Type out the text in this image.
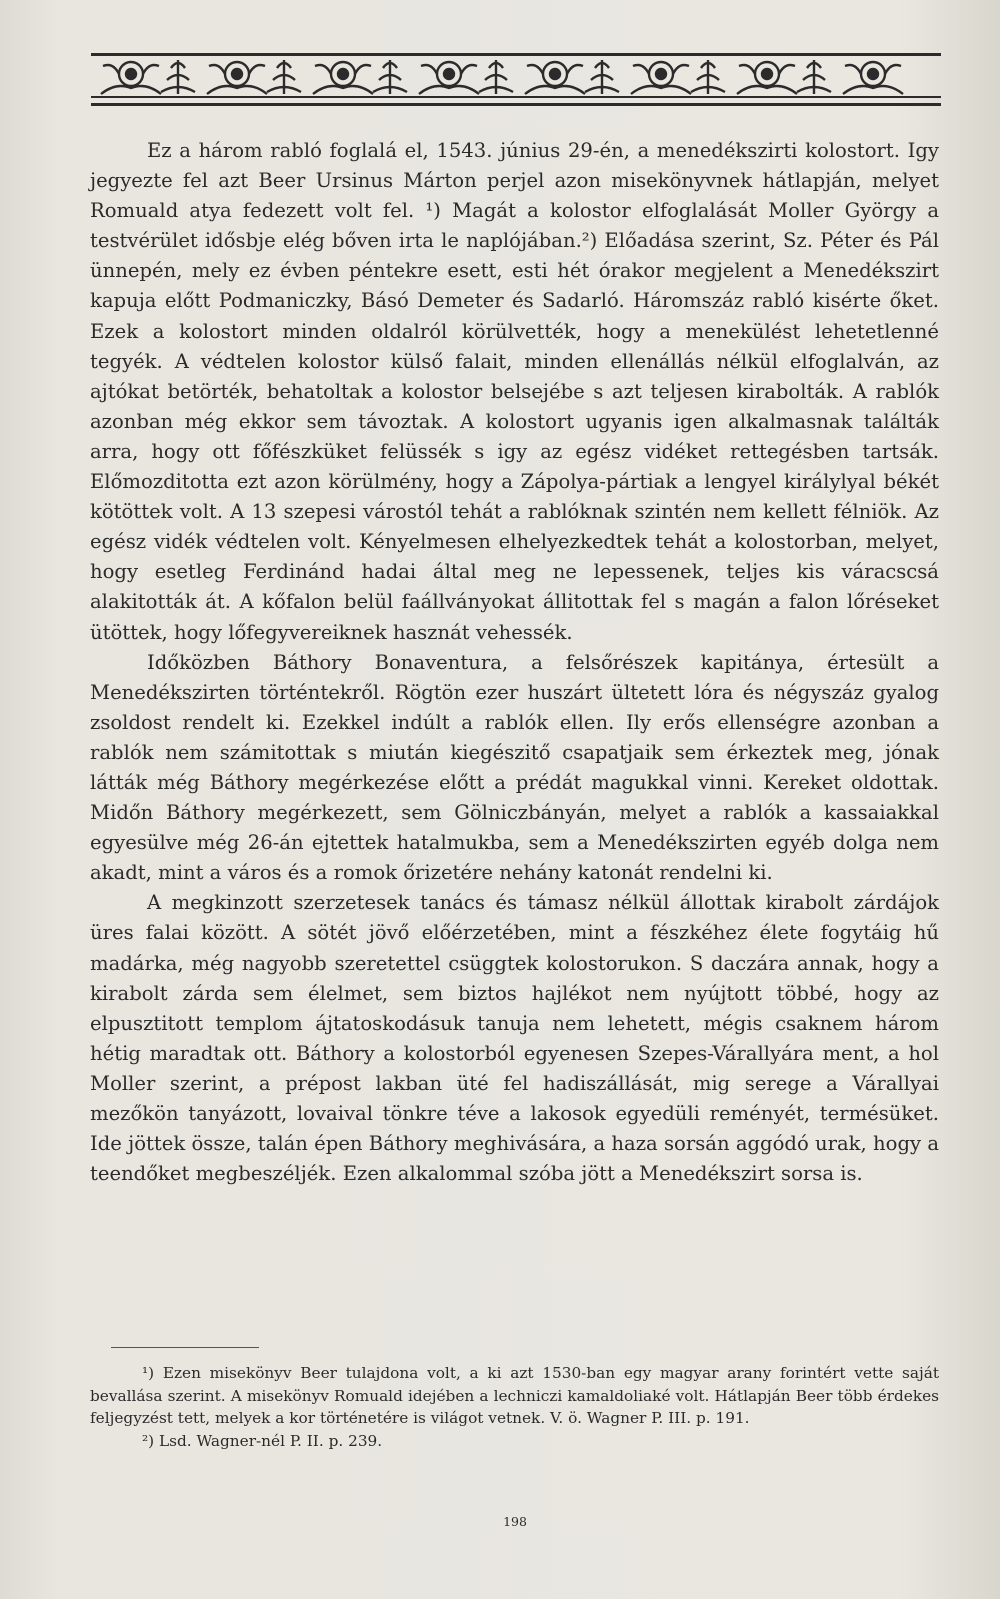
Ez a három rabló foglalá el, 1543. június 29-én, a menedékszirti kolostort. Igy jegyezte fel azt Beer Ursinus Márton perjel azon misekönyvnek hátlapján, melyet Romuald atya fedezett volt fel. ¹) Magát a kolostor elfoglalását Moller György a testvérület idősbje elég bőven irta le naplójában.²) Előadása szerint, Sz. Péter és Pál ünnepén, mely ez évben péntekre esett, esti hét órakor megjelent a Menedékszirt kapuja előtt Podmaniczky, Básó Demeter és Sadarló. Háromszáz rabló kisérte őket. Ezek a kolostort minden oldalról körülvették, hogy a menekülést lehetetlenné tegyék. A védtelen kolostor külső falait, minden ellenállás nélkül elfoglalván, az ajtókat betörték, behatoltak a kolostor belsejébe s azt teljesen kirabolták. A rablók azonban még ekkor sem távoztak. A kolostort ugyanis igen alkalmasnak találták arra, hogy ott főfészküket felüssék s igy az egész vidéket rettegésben tartsák. Előmozditotta ezt azon körülmény, hogy a Zápolya-pártiak a lengyel királylyal békét kötöttek volt. A 13 szepesi várostól tehát a rablóknak szintén nem kellett félniök. Az egész vidék védtelen volt. Kényelmesen elhelyezkedtek tehát a kolostorban, melyet, hogy esetleg Ferdinánd hadai által meg ne lepessenek, teljes kis váracscsá alakitották át. A kőfalon belül faállványokat állitottak fel s magán a falon lőréseket ütöttek, hogy lőfegyvereiknek hasznát vehessék.

Időközben Báthory Bonaventura, a felsőrészek kapitánya, értesült a Menedékszirten történtekről. Rögtön ezer huszárt ültetett lóra és négyszáz gyalog zsoldost rendelt ki. Ezekkel indúlt a rablók ellen. Ily erős ellenségre azonban a rablók nem számitottak s miután kiegészitő csapatjaik sem érkeztek meg, jónak látták még Báthory megérkezése előtt a prédát magukkal vinni. Kereket oldottak. Midőn Báthory megérkezett, sem Gölniczbányán, melyet a rablók a kassaiakkal egyesülve még 26-án ejtettek hatalmukba, sem a Menedékszirten egyéb dolga nem akadt, mint a város és a romok őrizetére nehány katonát rendelni ki.

A megkinzott szerzetesek tanács és támasz nélkül állottak kirabolt zárdájok üres falai között. A sötét jövő előérzetében, mint a fészkéhez élete fogytáig hű madárka, még nagyobb szeretettel csüggtek kolostorukon. S daczára annak, hogy a kirabolt zárda sem élelmet, sem biztos hajlékot nem nyújtott többé, hogy az elpusztitott templom ájtatoskodásuk tanuja nem lehetett, mégis csaknem három hétig maradtak ott. Báthory a kolostorból egyenesen Szepes-Várallyára ment, a hol Moller szerint, a prépost lakban üté fel hadiszállását, mig serege a Várallyai mezőkön tanyázott, lovaival tönkre téve a lakosok egyedüli reményét, termésüket. Ide jöttek össze, talán épen Báthory meghivására, a haza sorsán aggódó urak, hogy a teendőket megbeszéljék. Ezen alkalommal szóba jött a Menedékszirt sorsa is.

¹) Ezen misekönyv Beer tulajdona volt, a ki azt 1530-ban egy magyar arany forintért vette saját bevallása szerint. A misekönyv Romuald idejében a lechniczi kamaldoliaké volt. Hátlapján Beer több érdekes feljegyzést tett, melyek a kor történetére is világot vetnek. V. ö. Wagner P. III. p. 191.

²) Lsd. Wagner-nél P. II. p. 239.

198
